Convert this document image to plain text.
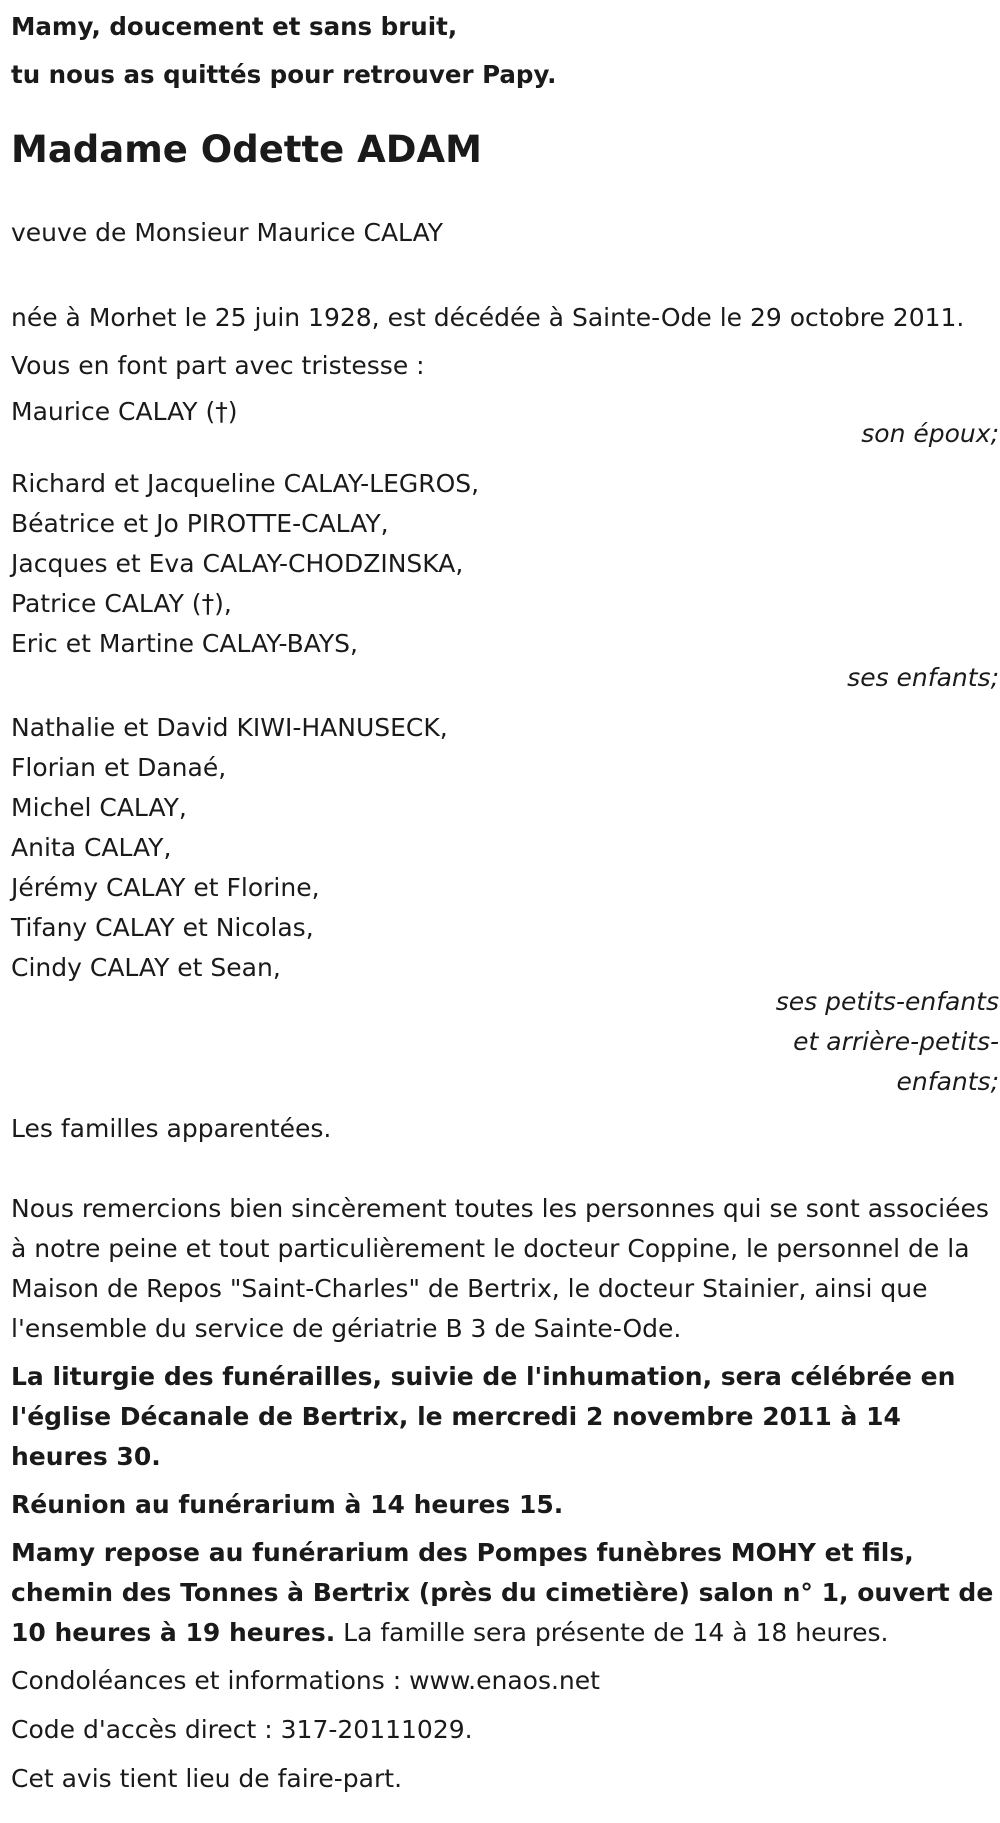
Mamy, doucement et sans bruit,
tu nous as quittés pour retrouver Papy.
Madame Odette ADAM

veuve de Monsieur Maurice CALAY

née à Morhet le 25 juin 1928, est décédée à Sainte-Ode le 29 octobre 2011.

Vous en font part avec tristesse :

Maurice CALAY (†)
son époux;
Richard et Jacqueline CALAY-LEGROS,
Béatrice et Jo PIROTTE-CALAY,
Jacques et Eva CALAY-CHODZINSKA,
Patrice CALAY (†),
Eric et Martine CALAY-BAYS,
ses enfants;
Nathalie et David KIWI-HANUSECK,
Florian et Danaé,
Michel CALAY,
Anita CALAY,
Jérémy CALAY et Florine,
Tifany CALAY et Nicolas,
Cindy CALAY et Sean,
ses petits-enfants
et arrière-petits-
enfants;

Les familles apparentées.

Nous remercions bien sincèrement toutes les personnes qui se sont associées à notre peine et tout particulièrement le docteur Coppine, le personnel de la Maison de Repos "Saint-Charles" de Bertrix, le docteur Stainier, ainsi que l'ensemble du service de gériatrie B 3 de Sainte-Ode.

La liturgie des funérailles, suivie de l'inhumation, sera célébrée en l'église Décanale de Bertrix, le mercredi 2 novembre 2011 à 14 heures 30.

Réunion au funérarium à 14 heures 15.

Mamy repose au funérarium des Pompes funèbres MOHY et fils, chemin des Tonnes à Bertrix (près du cimetière) salon n° 1, ouvert de 10 heures à 19 heures. La famille sera présente de 14 à 18 heures.

Condoléances et informations : www.enaos.net

Code d'accès direct : 317-20111029.

Cet avis tient lieu de faire-part.
